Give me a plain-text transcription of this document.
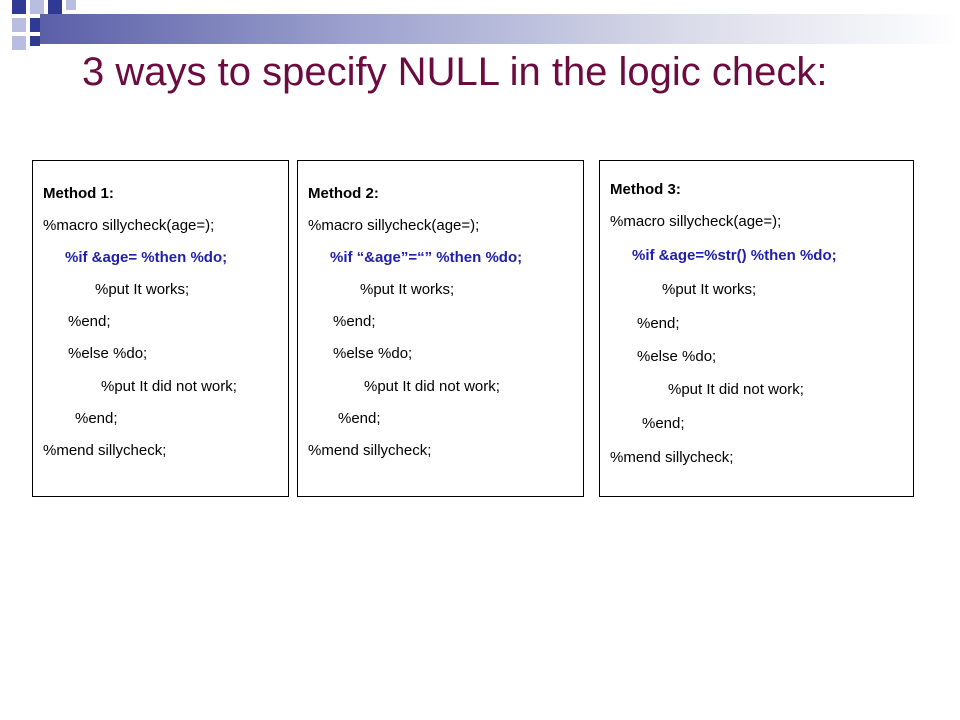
3 ways to specify NULL in the logic check:
Method 1:
%macro sillycheck(age=);
%if &age= %then %do;
%put It works;
%end;
%else %do;
%put It did not work;
%end;
%mend sillycheck;
Method 2:
%macro sillycheck(age=);
%if “&age”=“” %then %do;
%put It works;
%end;
%else %do;
%put It did not work;
%end;
%mend sillycheck;
Method 3:
%macro sillycheck(age=);
%if &age=%str() %then %do;
%put It works;
%end;
%else %do;
%put It did not work;
%end;
%mend sillycheck;
